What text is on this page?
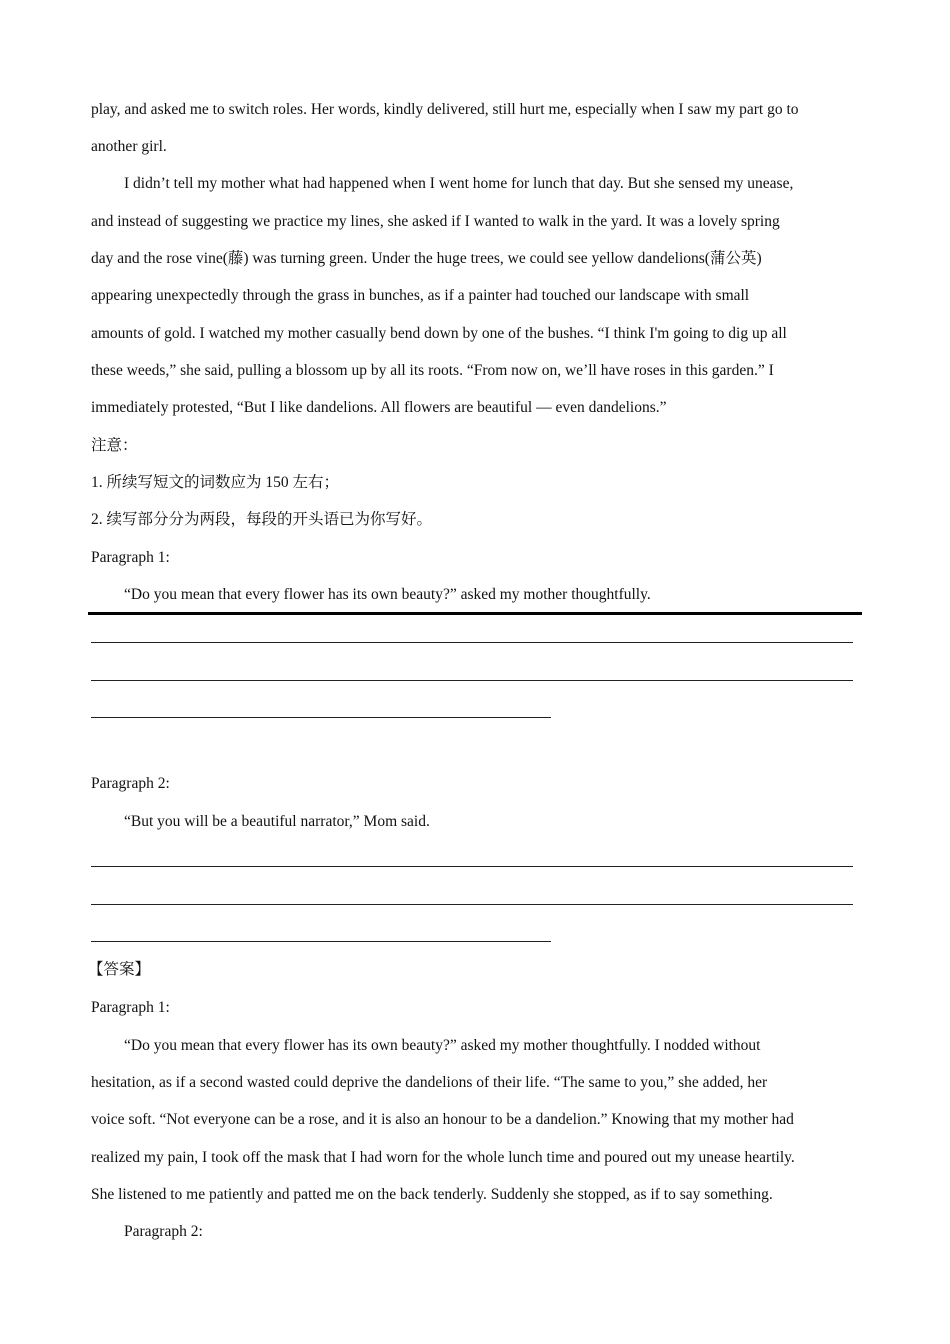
play, and asked me to switch roles. Her words, kindly delivered, still hurt me, especially when I saw my part go to
another girl.
I didn’t tell my mother what had happened when I went home for lunch that day. But she sensed my unease,
and instead of suggesting we practice my lines, she asked if I wanted to walk in the yard. It was a lovely spring
day and the rose vine(藤) was turning green. Under the huge trees, we could see yellow dandelions(蒲公英)
appearing unexpectedly through the grass in bunches, as if a painter had touched our landscape with small
amounts of gold. I watched my mother casually bend down by one of the bushes. “I think I'm going to dig up all
these weeds,” she said, pulling a blossom up by all its roots. “From now on, we’ll have roses in this garden.” I
immediately protested, “But I like dandelions. All flowers are beautiful — even dandelions.”
注意：
1. 所续写短文的词数应为 150 左右；
2. 续写部分分为两段，每段的开头语已为你写好。
Paragraph 1:
“Do you mean that every flower has its own beauty?” asked my mother thoughtfully.
Paragraph 2:
“But you will be a beautiful narrator,” Mom said.
【答案】
Paragraph 1:
“Do you mean that every flower has its own beauty?” asked my mother thoughtfully. I nodded without
hesitation, as if a second wasted could deprive the dandelions of their life. “The same to you,” she added, her
voice soft. “Not everyone can be a rose, and it is also an honour to be a dandelion.” Knowing that my mother had
realized my pain, I took off the mask that I had worn for the whole lunch time and poured out my unease heartily.
She listened to me patiently and patted me on the back tenderly. Suddenly she stopped, as if to say something.
Paragraph 2:
